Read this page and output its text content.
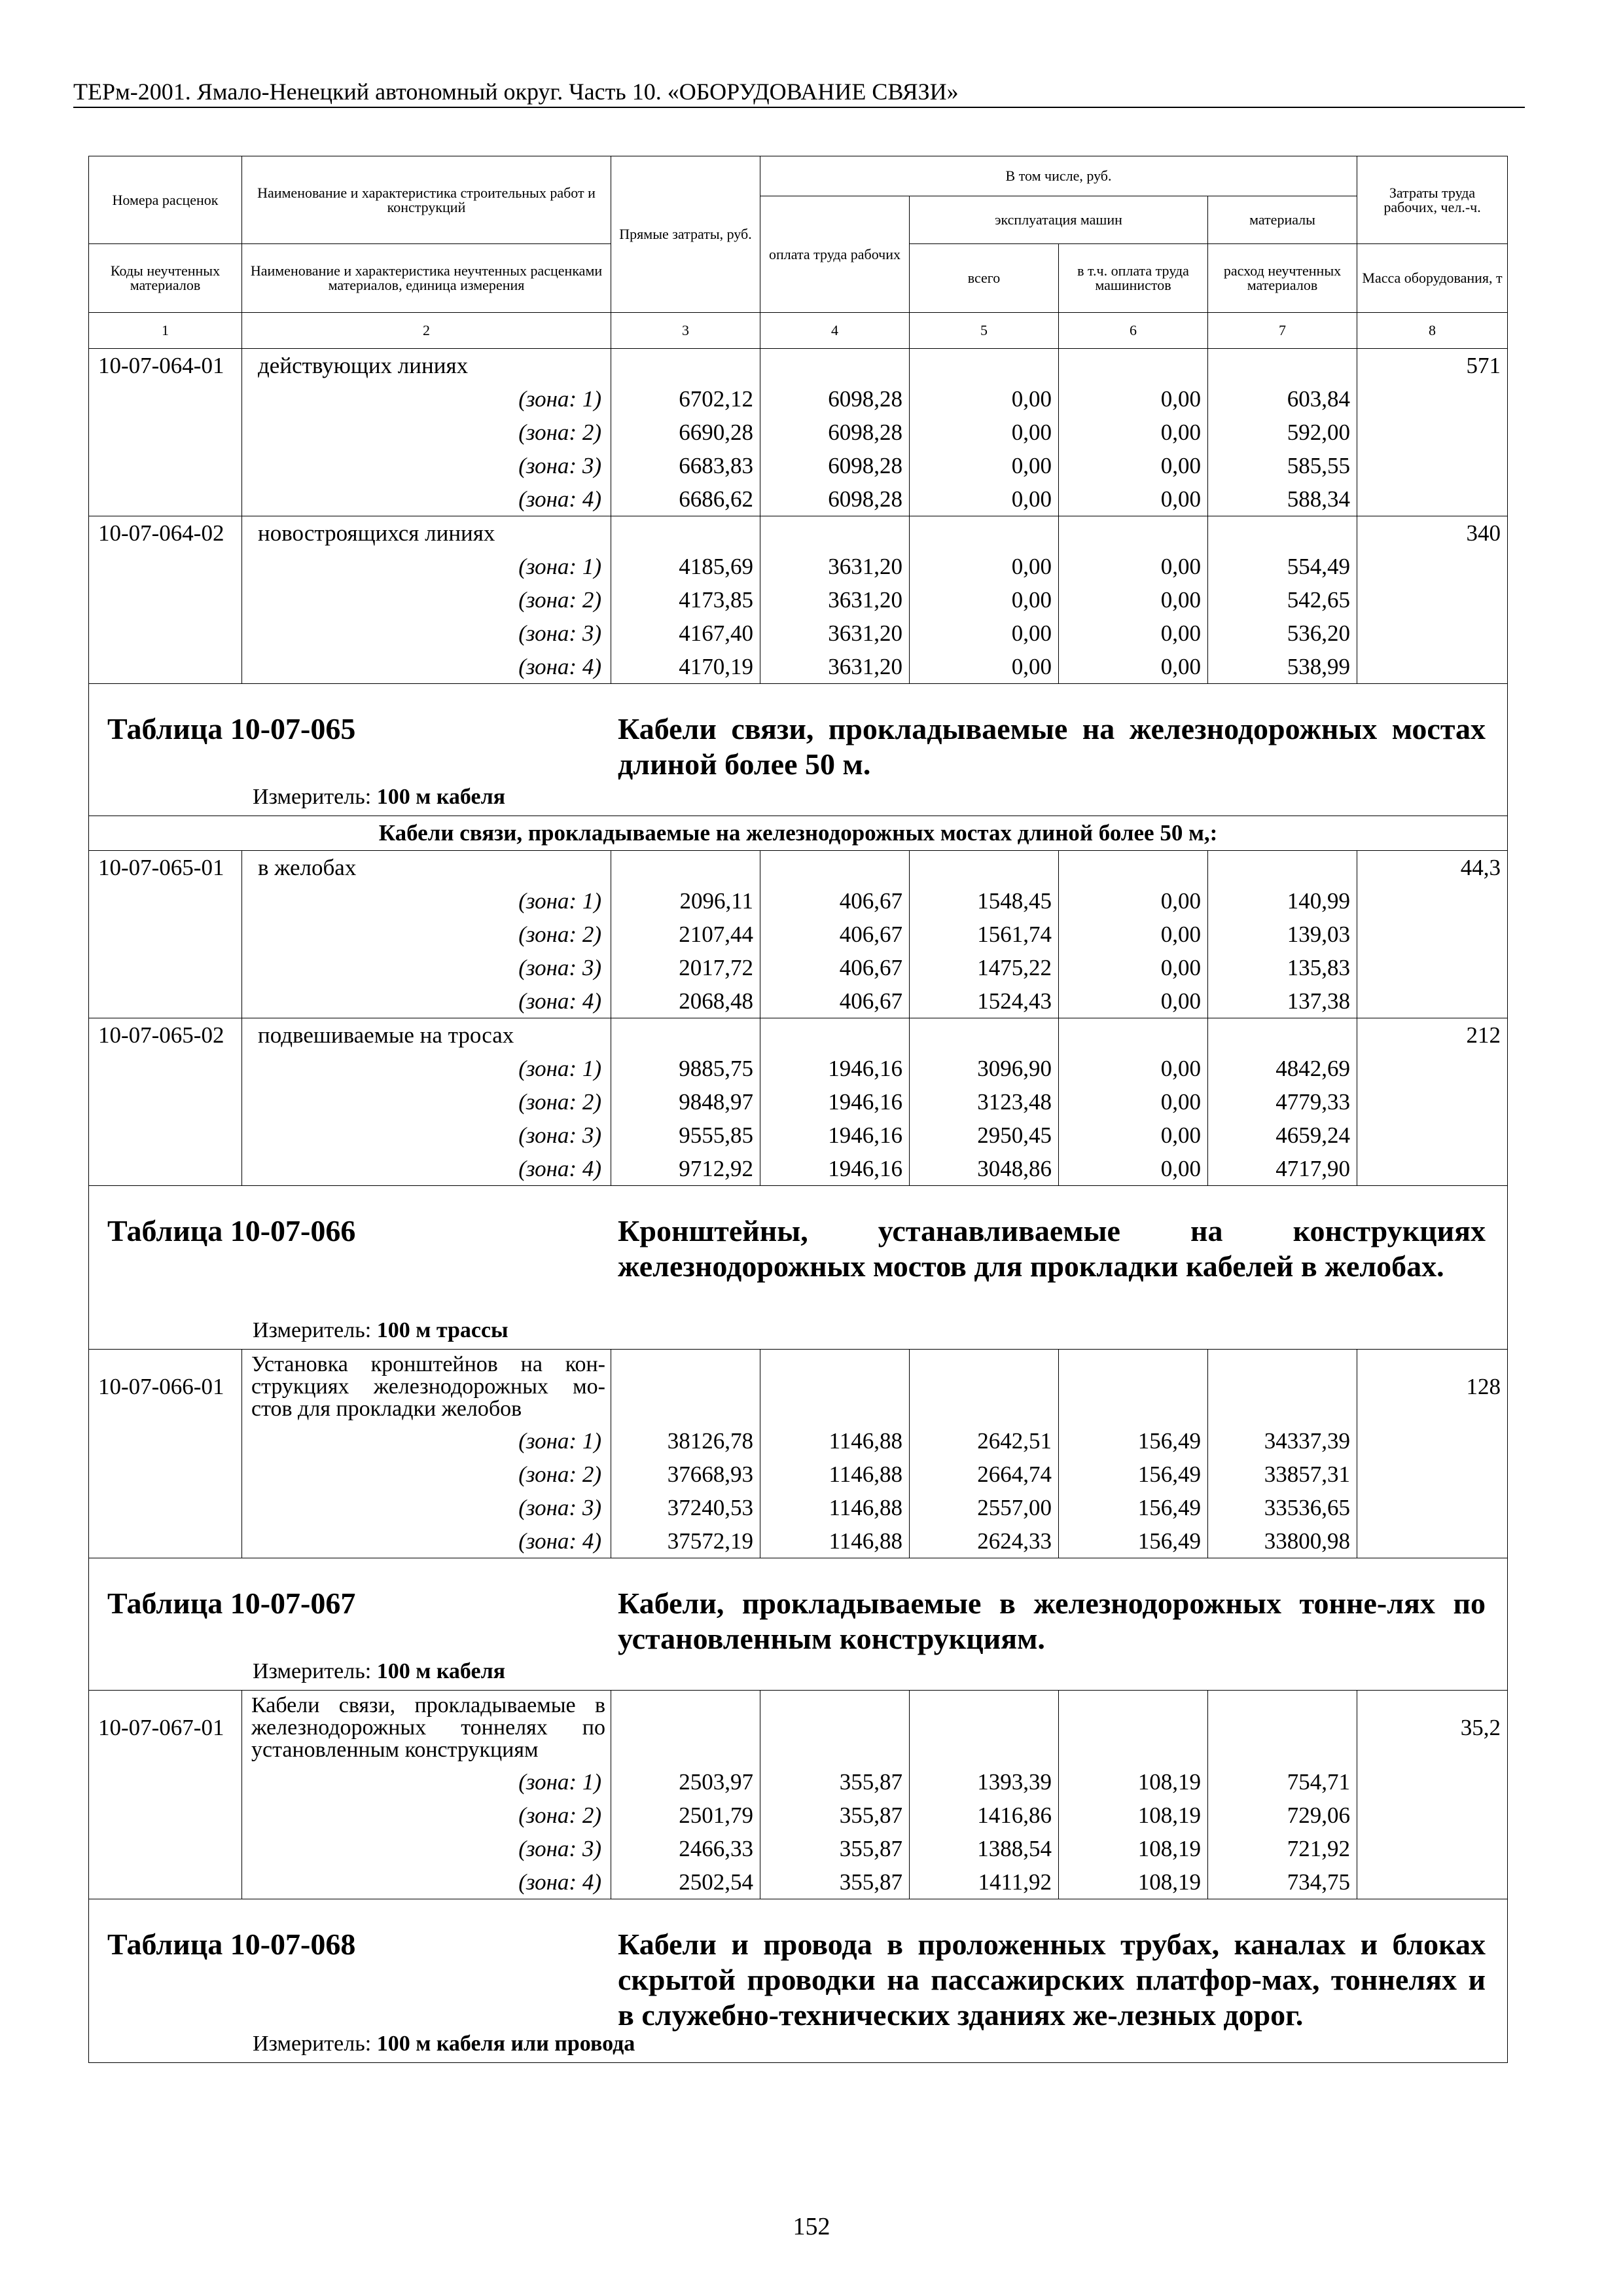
ТЕРм-2001. Ямало-Ненецкий автономный округ. Часть 10. «ОБОРУДОВАНИЕ СВЯЗИ»
Номера расценок	Наименование и характеристика строительных работ и конструкций	Прямые затраты, руб.	В том числе, руб.				Затраты труда рабочих, чел.-ч.
			оплата труда рабочих	эксплуатация машин		материалы	
Коды неучтенных материалов	Наименование и характеристика неучтенных расценками материалов, единица измерения			всего	в т.ч. оплата труда машинистов	расход неучтенных материалов	Масса оборудования, т
1	2	3	4	5	6	7	8
10-07-064-01	действующих линиях						571
	(зона: 1)	6702,12	6098,28	0,00	0,00	603,84	
	(зона: 2)	6690,28	6098,28	0,00	0,00	592,00	
	(зона: 3)	6683,83	6098,28	0,00	0,00	585,55	
	(зона: 4)	6686,62	6098,28	0,00	0,00	588,34	
10-07-064-02	новостроящихся линиях						340
	(зона: 1)	4185,69	3631,20	0,00	0,00	554,49	
	(зона: 2)	4173,85	3631,20	0,00	0,00	542,65	
	(зона: 3)	4167,40	3631,20	0,00	0,00	536,20	
	(зона: 4)	4170,19	3631,20	0,00	0,00	538,99	

Таблица 10-07-065 Кабели связи, прокладываемые на железнодорожных мостах длиной более 50 м.
Измеритель: 100 м кабеля							

Кабели связи, прокладываемые на железнодорожных мостах длиной более 50 м,:							
10-07-065-01	в желобах						44,3
	(зона: 1)	2096,11	406,67	1548,45	0,00	140,99	
	(зона: 2)	2107,44	406,67	1561,74	0,00	139,03	
	(зона: 3)	2017,72	406,67	1475,22	0,00	135,83	
	(зона: 4)	2068,48	406,67	1524,43	0,00	137,38	
10-07-065-02	подвешиваемые на тросах						212
	(зона: 1)	9885,75	1946,16	3096,90	0,00	4842,69	
	(зона: 2)	9848,97	1946,16	3123,48	0,00	4779,33	
	(зона: 3)	9555,85	1946,16	2950,45	0,00	4659,24	
	(зона: 4)	9712,92	1946,16	3048,86	0,00	4717,90	

Таблица 10-07-066 Кронштейны, устанавливаемые на конструкциях железнодорожных мостов для прокладки кабелей в желобах.
Измеритель: 100 м трассы							

10-07-066-01	Установка кронштейнов на кон-струкциях железнодорожных мо-стов для прокладки желобов						128
	(зона: 1)	38126,78	1146,88	2642,51	156,49	34337,39	
	(зона: 2)	37668,93	1146,88	2664,74	156,49	33857,31	
	(зона: 3)	37240,53	1146,88	2557,00	156,49	33536,65	
	(зона: 4)	37572,19	1146,88	2624,33	156,49	33800,98	

Таблица 10-07-067 Кабели, прокладываемые в железнодорожных тонне-лях по установленным конструкциям.
Измеритель: 100 м кабеля							

10-07-067-01	Кабели связи, прокладываемые в железнодорожных тоннелях по установленным конструкциям						35,2
	(зона: 1)	2503,97	355,87	1393,39	108,19	754,71	
	(зона: 2)	2501,79	355,87	1416,86	108,19	729,06	
	(зона: 3)	2466,33	355,87	1388,54	108,19	721,92	
	(зона: 4)	2502,54	355,87	1411,92	108,19	734,75	

Таблица 10-07-068 Кабели и провода в проложенных трубах, каналах и блоках скрытой проводки на пассажирских платфор-мах, тоннелях и в служебно-технических зданиях же-лезных дорог.
Измеритель: 100 м кабеля или провода							
152
